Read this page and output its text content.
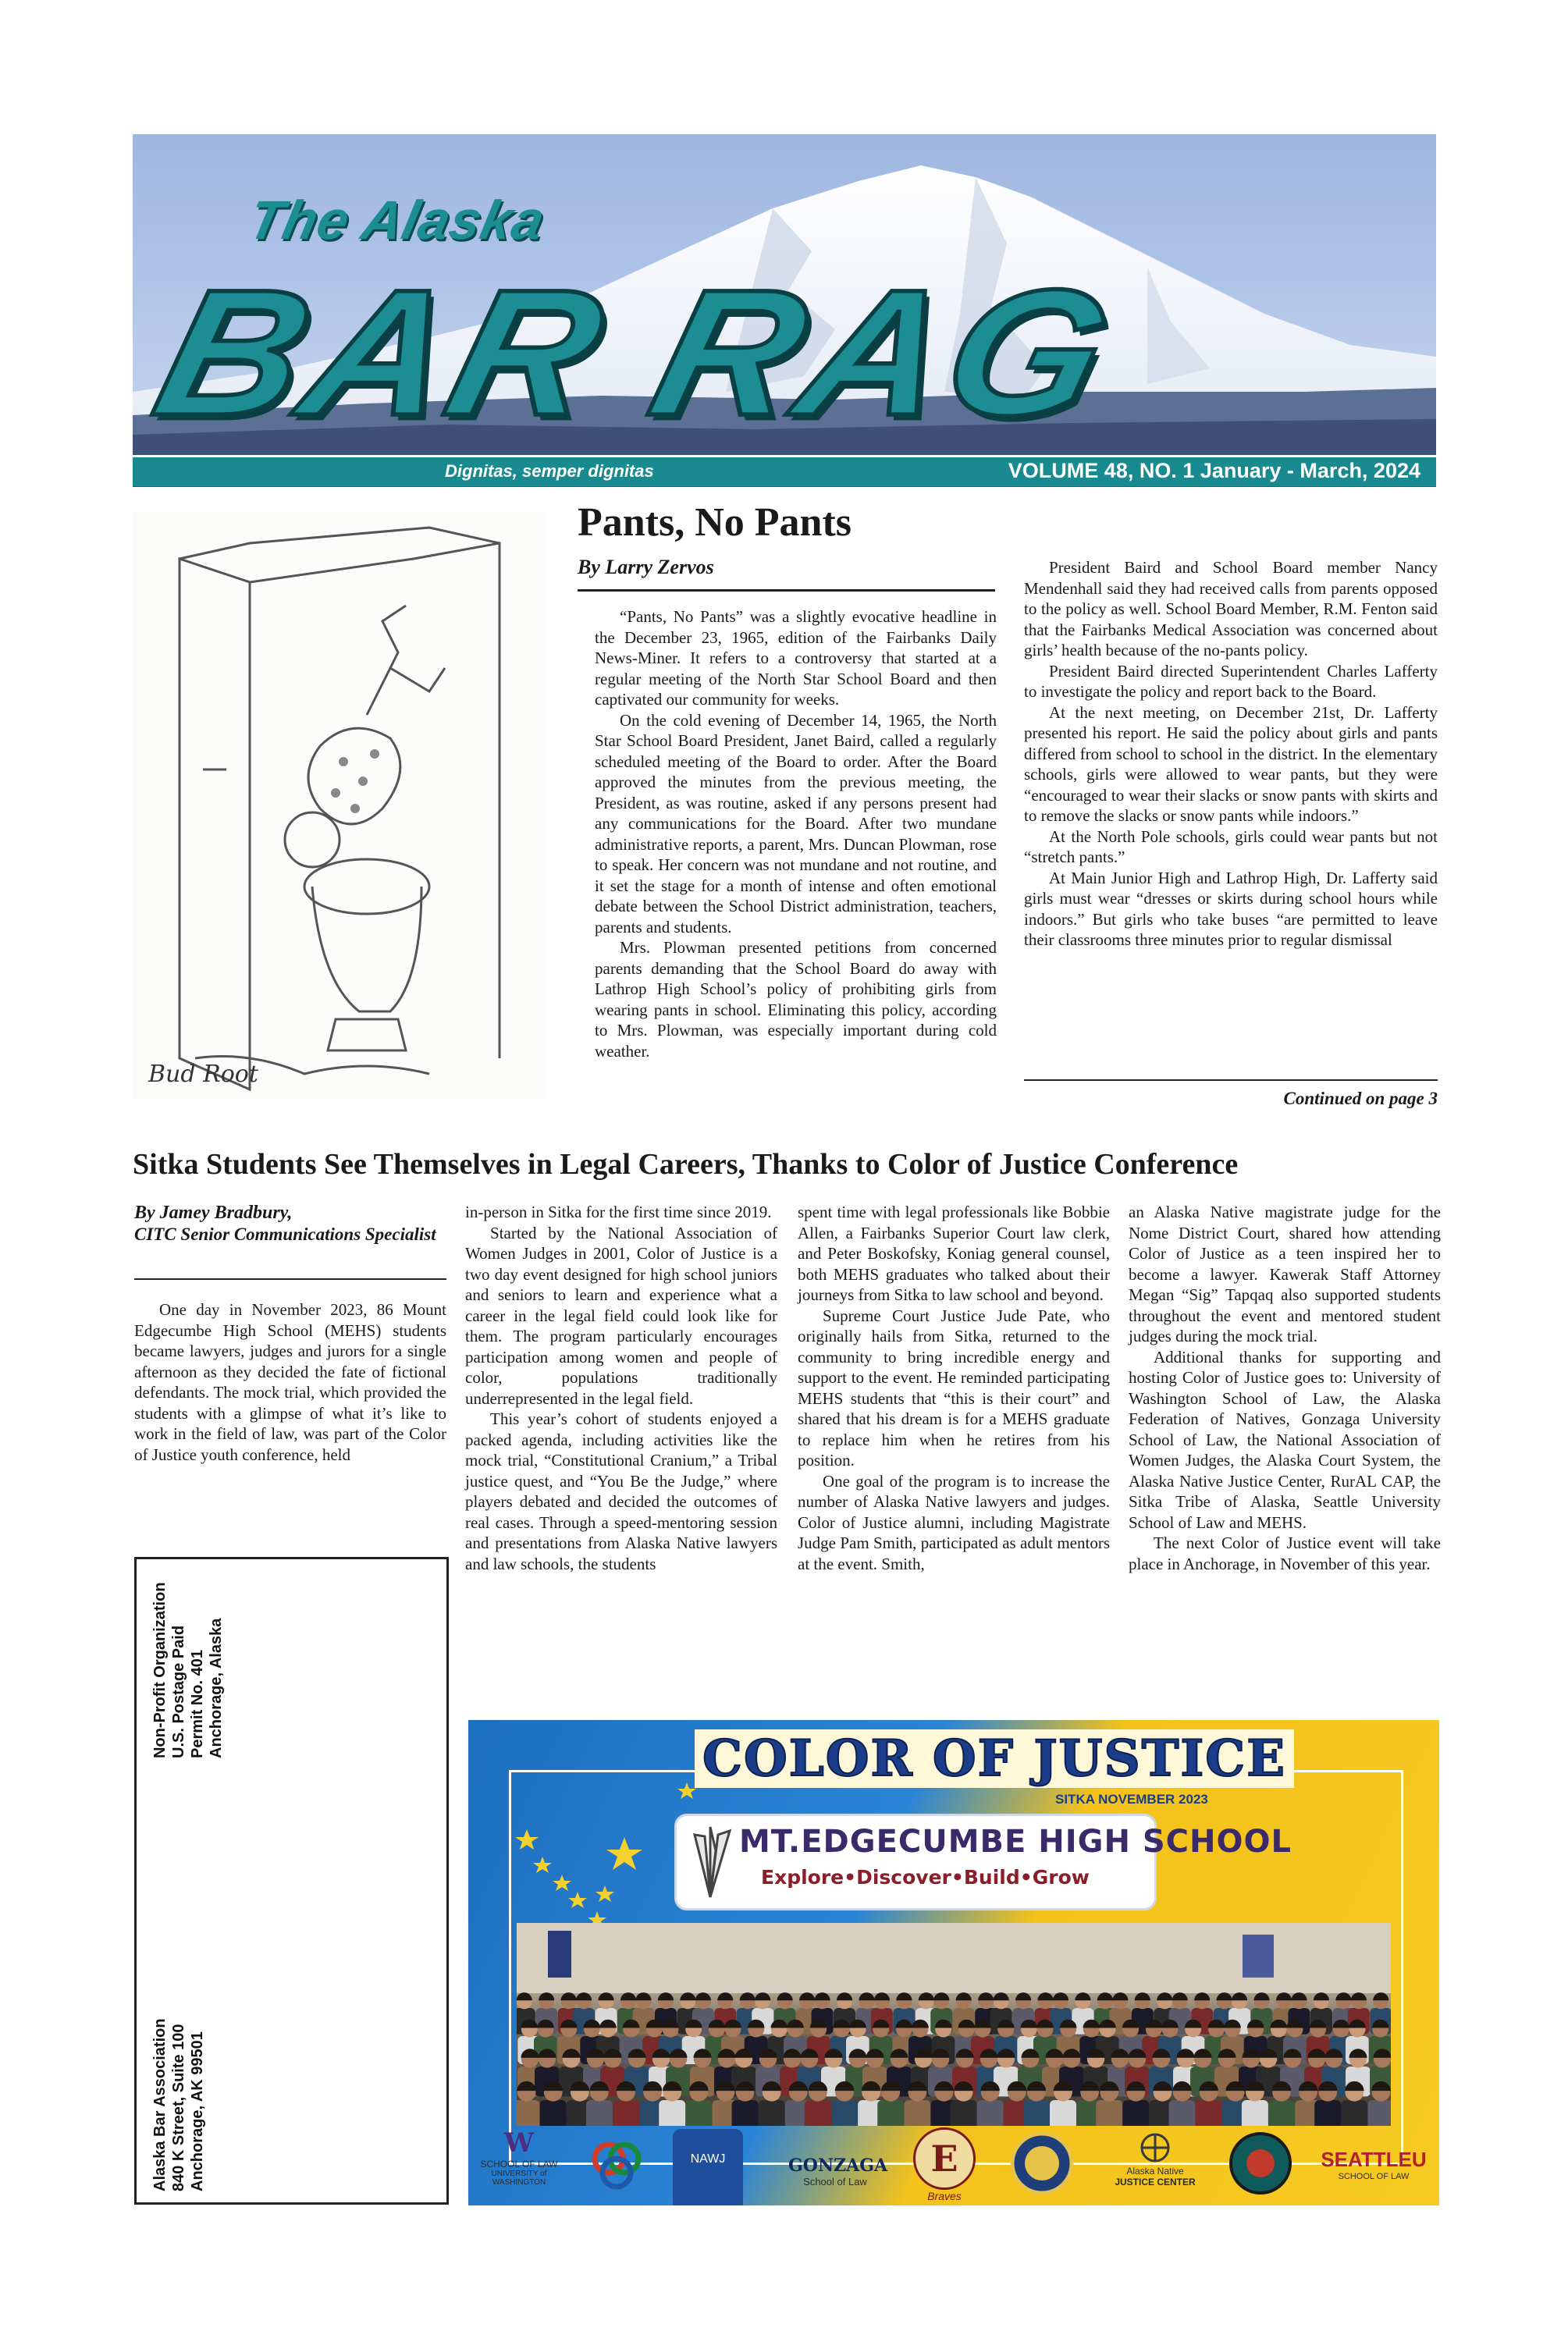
The Alaska
BAR RAG
Dignitas, semper dignitas	VOLUME 48, NO. 1 January - March, 2024
Bud Root
Pants, No Pants
By Larry Zervos

“Pants, No Pants” was a slightly evocative headline in the December 23, 1965, edition of the Fairbanks Daily News-Miner. It refers to a controversy that started at a regular meeting of the North Star School Board and then captivated our community for weeks.

On the cold evening of December 14, 1965, the North Star School Board President, Janet Baird, called a regularly scheduled meeting of the Board to order. After the Board approved the minutes from the previous meeting, the President, as was routine, asked if any persons present had any communications for the Board. After two mundane administrative reports, a parent, Mrs. Duncan Plowman, rose to speak. Her concern was not mundane and not routine, and it set the stage for a month of intense and often emotional debate between the School District administration, teachers, parents and students.

Mrs. Plowman presented petitions from concerned parents demanding that the School Board do away with Lathrop High School’s policy of prohibiting girls from wearing pants in school. Eliminating this policy, according to Mrs. Plowman, was especially important during cold weather.

President Baird and School Board member Nancy Mendenhall said they had received calls from parents opposed to the policy as well. School Board Member, R.M. Fenton said that the Fairbanks Medical Association was concerned about girls’ health because of the no-pants policy.

President Baird directed Superintendent Charles Lafferty to investigate the policy and report back to the Board.

At the next meeting, on December 21st, Dr. Lafferty presented his report. He said the policy about girls and pants differed from school to school in the district. In the elementary schools, girls were allowed to wear pants, but they were “encouraged to wear their slacks or snow pants with skirts and to remove the slacks or snow pants while indoors.”

At the North Pole schools, girls could wear pants but not “stretch pants.”

At Main Junior High and Lathrop High, Dr. Lafferty said girls must wear “dresses or skirts during school hours while indoors.” But girls who take buses “are permitted to leave their classrooms three minutes prior to regular dismissal

Continued on page 3
Sitka Students See Themselves in Legal Careers, Thanks to Color of Justice Conference
By Jamey Bradbury,
CITC Senior Communications Specialist

One day in November 2023, 86 Mount Edgecumbe High School (MEHS) students became lawyers, judges and jurors for a single afternoon as they decided the fate of fictional defendants. The mock trial, which provided the students with a glimpse of what it’s like to work in the field of law, was part of the Color of Justice youth conference, held

in-person in Sitka for the first time since 2019.

Started by the National Association of Women Judges in 2001, Color of Justice is a two day event designed for high school juniors and seniors to learn and experience what a career in the legal field could look like for them. The program particularly encourages participation among women and people of color, populations traditionally underrepresented in the legal field.

This year’s cohort of students enjoyed a packed agenda, including activities like the mock trial, “Constitutional Cranium,” a Tribal justice quest, and “You Be the Judge,” where players debated and decided the outcomes of real cases. Through a speed-mentoring session and presentations from Alaska Native lawyers and law schools, the students

spent time with legal professionals like Bobbie Allen, a Fairbanks Superior Court law clerk, and Peter Boskofsky, Koniag general counsel, both MEHS graduates who talked about their journeys from Sitka to law school and beyond.

Supreme Court Justice Jude Pate, who originally hails from Sitka, returned to the community to bring incredible energy and support to the event. He reminded participating MEHS students that “this is their court” and shared that his dream is for a MEHS graduate to replace him when he retires from his position.

One goal of the program is to increase the number of Alaska Native lawyers and judges. Color of Justice alumni, including Magistrate Judge Pam Smith, participated as adult mentors at the event. Smith,

an Alaska Native magistrate judge for the Nome District Court, shared how attending Color of Justice as a teen inspired her to become a lawyer. Kawerak Staff Attorney Megan “Sig” Tapqaq also supported students throughout the event and mentored student judges during the mock trial.

Additional thanks for supporting and hosting Color of Justice goes to: University of Washington School of Law, the Alaska Federation of Natives, Gonzaga University School of Law, the National Association of Women Judges, the Alaska Court System, the Alaska Native Justice Center, RurAL CAP, the Sitka Tribe of Alaska, Seattle University School of Law and MEHS.

The next Color of Justice event will take place in Anchorage, in November of this year.

Non-Profit Organization U.S. Postage Paid Permit No. 401 Anchorage, Alaska
Alaska Bar Association 840 K Street, Suite 100 Anchorage, AK 99501
COLOR OF JUSTICE
SITKA NOVEMBER 2023
MT.EDGECUMBE HIGH SCHOOL
Explore•Discover•Build•Grow
W
SCHOOL OF LAW
UNIVERSITY of WASHINGTON
NAWJ	GONZAGA
School of Law
E
Braves
Alaska Native
JUSTICE CENTER
SEATTLEU
SCHOOL OF LAW
